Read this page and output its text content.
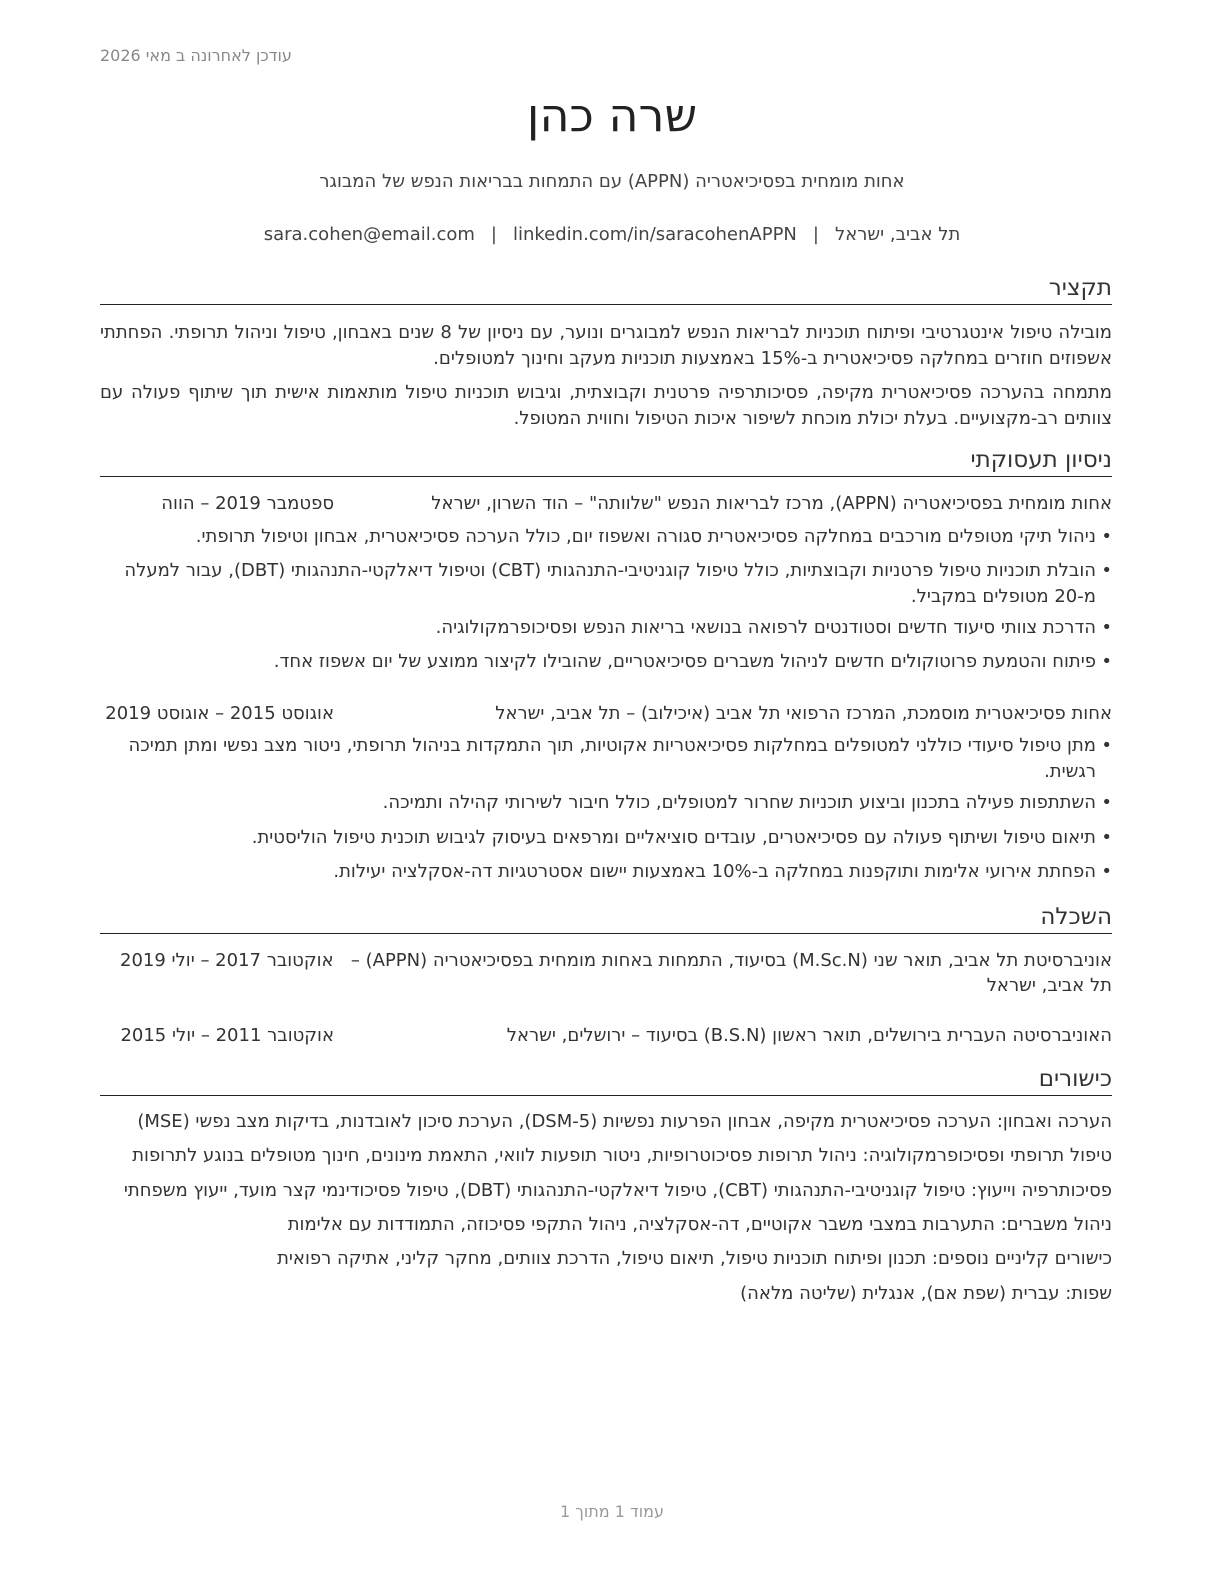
עודכן לאחרונה ב מאי 2026
שרה כהן
אחות מומחית בפסיכיאטריה (APPN) עם התמחות בבריאות הנפש של המבוגר
תל אביב, ישראל|sara.cohen@email.com | linkedin.com/in/saracohenAPPN
תקציר
מובילה טיפול אינטגרטיבי ופיתוח תוכניות לבריאות הנפש למבוגרים ונוער, עם ניסיון של 8 שנים באבחון, טיפול וניהול תרופתי. הפחתתי אשפוזים חוזרים במחלקה פסיכיאטרית ב-15% באמצעות תוכניות מעקב וחינוך למטופלים.
מתמחה בהערכה פסיכיאטרית מקיפה, פסיכותרפיה פרטנית וקבוצתית, וגיבוש תוכניות טיפול מותאמות אישית תוך שיתוף פעולה עם צוותים רב-מקצועיים. בעלת יכולת מוכחת לשיפור איכות הטיפול וחווית המטופל.
ניסיון תעסוקתי
אחות מומחית בפסיכיאטריה (APPN), מרכז לבריאות הנפש "שלוותה" – הוד השרון, ישראל
ספטמבר 2019 – הווה
•
ניהול תיקי מטופלים מורכבים במחלקה פסיכיאטרית סגורה ואשפוז יום, כולל הערכה פסיכיאטרית, אבחון וטיפול תרופתי.
•
הובלת תוכניות טיפול פרטניות וקבוצתיות, כולל טיפול קוגניטיבי-התנהגותי (CBT) וטיפול דיאלקטי-התנהגותי (DBT), עבור למעלה מ-20 מטופלים במקביל.
•
הדרכת צוותי סיעוד חדשים וסטודנטים לרפואה בנושאי בריאות הנפש ופסיכופרמקולוגיה.
•
פיתוח והטמעת פרוטוקולים חדשים לניהול משברים פסיכיאטריים, שהובילו לקיצור ממוצע של יום אשפוז אחד.
אחות פסיכיאטרית מוסמכת, המרכז הרפואי תל אביב (איכילוב) – תל אביב, ישראל
אוגוסט 2015 – אוגוסט 2019
•
מתן טיפול סיעודי כוללני למטופלים במחלקות פסיכיאטריות אקוטיות, תוך התמקדות בניהול תרופתי, ניטור מצב נפשי ומתן תמיכה רגשית.
•
השתתפות פעילה בתכנון וביצוע תוכניות שחרור למטופלים, כולל חיבור לשירותי קהילה ותמיכה.
•
תיאום טיפול ושיתוף פעולה עם פסיכיאטרים, עובדים סוציאליים ומרפאים בעיסוק לגיבוש תוכנית טיפול הוליסטית.
•
הפחתת אירועי אלימות ותוקפנות במחלקה ב-10% באמצעות יישום אסטרטגיות דה-אסקלציה יעילות.
השכלה
אוניברסיטת תל אביב, תואר שני (M.Sc.N) בסיעוד, התמחות באחות מומחית בפסיכיאטריה (APPN) –
תל אביב, ישראל
אוקטובר 2017 – יולי 2019
האוניברסיטה העברית בירושלים, תואר ראשון (B.S.N) בסיעוד – ירושלים, ישראל
אוקטובר 2011 – יולי 2015
כישורים
הערכה ואבחון: הערכה פסיכיאטרית מקיפה, אבחון הפרעות נפשיות (DSM-5), הערכת סיכון לאובדנות, בדיקות מצב נפשי (MSE)
טיפול תרופתי ופסיכופרמקולוגיה: ניהול תרופות פסיכוטרופיות, ניטור תופעות לוואי, התאמת מינונים, חינוך מטופלים בנוגע לתרופות
פסיכותרפיה וייעוץ: טיפול קוגניטיבי-התנהגותי (CBT), טיפול דיאלקטי-התנהגותי (DBT), טיפול פסיכודינמי קצר מועד, ייעוץ משפחתי
ניהול משברים: התערבות במצבי משבר אקוטיים, דה-אסקלציה, ניהול התקפי פסיכוזה, התמודדות עם אלימות
כישורים קליניים נוספים: תכנון ופיתוח תוכניות טיפול, תיאום טיפול, הדרכת צוותים, מחקר קליני, אתיקה רפואית
שפות: עברית (שפת אם), אנגלית (שליטה מלאה)
עמוד 1 מתוך 1
